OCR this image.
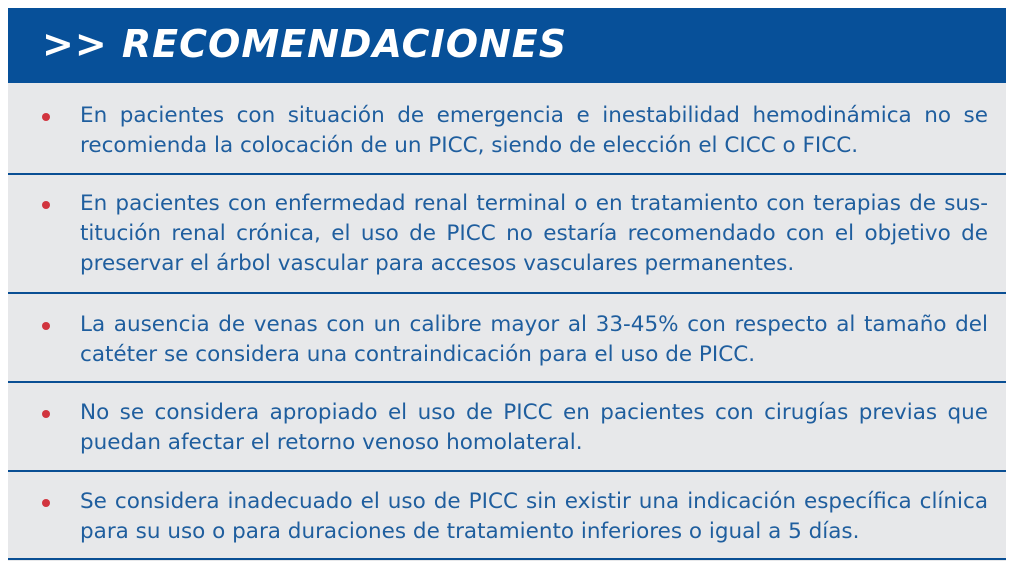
>> RECOMENDACIONES

En pacientes con situación de emergencia e inestabilidad hemodinámica no se recomienda la colocación de un PICC, siendo de elección el CICC o FICC.

En pacientes con enfermedad renal terminal o en tratamiento con terapias de sustitución renal crónica, el uso de PICC no estaría recomendado con el objetivo de preservar el árbol vascular para accesos vasculares permanentes.

La ausencia de venas con un calibre mayor al 33-45% con respecto al tamaño del catéter se considera una contraindicación para el uso de PICC.

No se considera apropiado el uso de PICC en pacientes con cirugías previas que puedan afectar el retorno venoso homolateral.

Se considera inadecuado el uso de PICC sin existir una indicación específica clínica para su uso o para duraciones de tratamiento inferiores o igual a 5 días.
